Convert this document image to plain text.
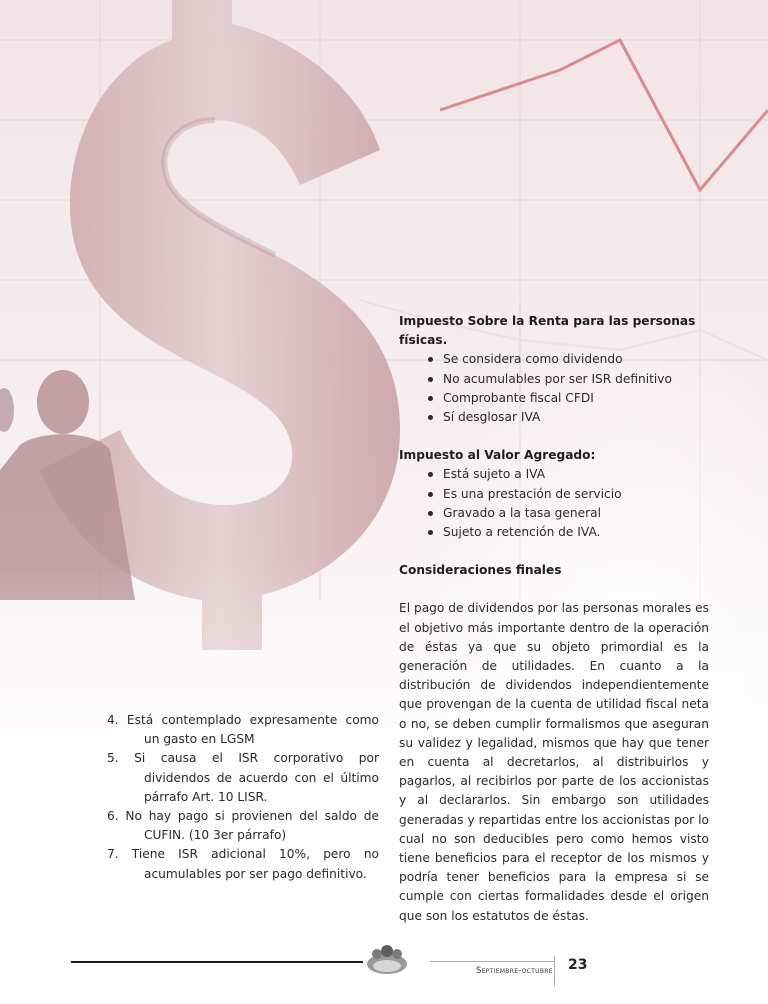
Impuesto Sobre la Renta para las personas físicas.

Se considera como dividendo
No acumulables por ser ISR definitivo
Comprobante fiscal CFDI
Sí desglosar IVA

Impuesto al Valor Agregado:

Está sujeto a IVA
Es una prestación de servicio
Gravado a la tasa general
Sujeto a retención de IVA.

Consideraciones finales

El pago de dividendos por las personas morales es el objetivo más importante dentro de la operación de éstas ya que su objeto primordial es la generación de utilidades. En cuanto a la distribución de dividendos independientemente que provengan de la cuenta de utilidad fiscal neta o no, se deben cumplir formalismos que aseguran su validez y legalidad, mismos que hay que tener en cuenta al decretarlos, al distribuirlos y pagarlos, al recibirlos por parte de los accionistas y al declararlos. Sin embargo son utilidades generadas y repartidas entre los accionistas por lo cual no son deducibles pero como hemos visto tiene beneficios para el receptor de los mismos y podría tener beneficios para la empresa si se cumple con ciertas formalidades desde el origen que son los estatutos de éstas.

4. Está contemplado expresamente como un gasto en LGSM
5. Si causa el ISR corporativo por dividendos de acuerdo con el último párrafo Art. 10 LISR.
6. No hay pago si provienen del saldo de CUFIN. (10 3er párrafo)
7. Tiene ISR adicional 10%, pero no acumulables por ser pago definitivo.
Septiembre-octubre 23
